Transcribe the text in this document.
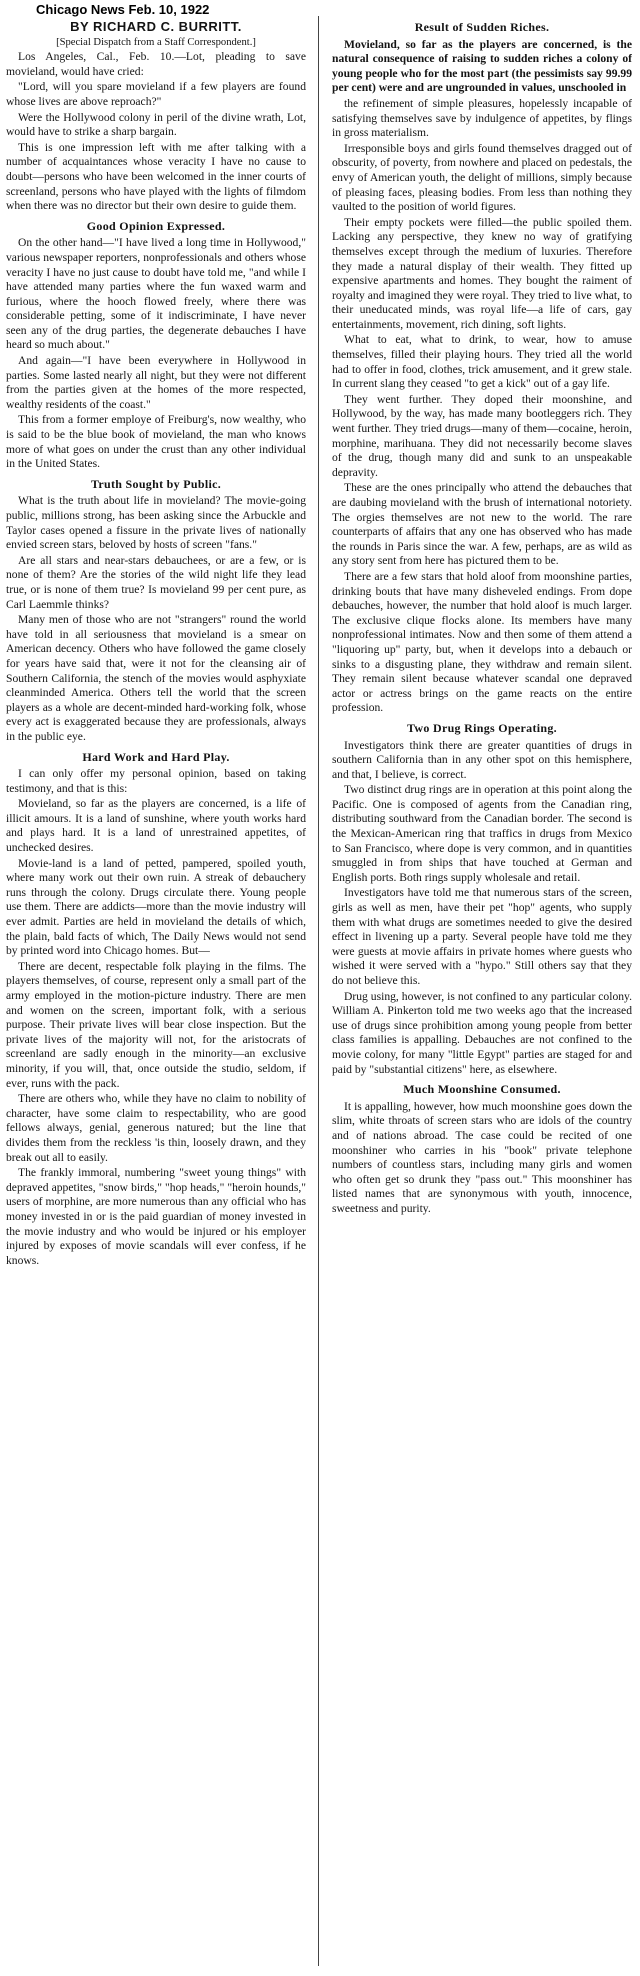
Chicago News Feb. 10, 1922
BY RICHARD C. BURRITT.
[Special Dispatch from a Staff Correspondent.]

Los Angeles, Cal., Feb. 10.—Lot, pleading to save movieland, would have cried:

"Lord, will you spare movieland if a few players are found whose lives are above reproach?"

Were the Hollywood colony in peril of the divine wrath, Lot, would have to strike a sharp bargain.

This is one impression left with me after talking with a number of acquaintances whose veracity I have no cause to doubt—persons who have been welcomed in the inner courts of screenland, persons who have played with the lights of filmdom when there was no director but their own desire to guide them.

Good Opinion Expressed.

On the other hand—"I have lived a long time in Hollywood," various newspaper reporters, nonprofessionals and others whose veracity I have no just cause to doubt have told me, "and while I have attended many parties where the fun waxed warm and furious, where the hooch flowed freely, where there was considerable petting, some of it indiscriminate, I have never seen any of the drug parties, the degenerate debauches I have heard so much about."

And again—"I have been everywhere in Hollywood in parties. Some lasted nearly all night, but they were not different from the parties given at the homes of the more respected, wealthy residents of the coast."

This from a former employe of Freiburg's, now wealthy, who is said to be the blue book of movieland, the man who knows more of what goes on under the crust than any other individual in the United States.

Truth Sought by Public.

What is the truth about life in movieland? The movie-going public, millions strong, has been asking since the Arbuckle and Taylor cases opened a fissure in the private lives of nationally envied screen stars, beloved by hosts of screen "fans."

Are all stars and near-stars debauchees, or are a few, or is none of them? Are the stories of the wild night life they lead true, or is none of them true? Is movieland 99 per cent pure, as Carl Laemmle thinks?

Many men of those who are not "strangers" round the world have told in all seriousness that movieland is a smear on American decency. Others who have followed the game closely for years have said that, were it not for the cleansing air of Southern California, the stench of the movies would asphyxiate cleanminded America. Others tell the world that the screen players as a whole are decent-minded hard-working folk, whose every act is exaggerated because they are professionals, always in the public eye.

Hard Work and Hard Play.

I can only offer my personal opinion, based on taking testimony, and that is this:

Movieland, so far as the players are concerned, is a life of illicit amours. It is a land of sunshine, where youth works hard and plays hard. It is a land of unrestrained appetites, of unchecked desires.

Movie-land is a land of petted, pampered, spoiled youth, where many work out their own ruin. A streak of debauchery runs through the colony. Drugs circulate there. Young people use them. There are addicts—more than the movie industry will ever admit. Parties are held in movieland the details of which, the plain, bald facts of which, The Daily News would not send by printed word into Chicago homes. But—

There are decent, respectable folk playing in the films. The players themselves, of course, represent only a small part of the army employed in the motion-picture industry. There are men and women on the screen, important folk, with a serious purpose. Their private lives will bear close inspection. But the private lives of the majority will not, for the aristocrats of screenland are sadly enough in the minority—an exclusive minority, if you will, that, once outside the studio, seldom, if ever, runs with the pack.

There are others who, while they have no claim to nobility of character, have some claim to respectability, who are good fellows always, genial, generous natured; but the line that divides them from the reckless 'is thin, loosely drawn, and they break out all to easily.

The frankly immoral, numbering "sweet young things" with depraved appetites, "snow birds," "hop heads," "heroin hounds," users of morphine, are more numerous than any official who has money invested in or is the paid guardian of money invested in the movie industry and who would be injured or his employer injured by exposes of movie scandals will ever confess, if he knows.

Result of Sudden Riches.

Movieland, so far as the players are concerned, is the natural consequence of raising to sudden riches a colony of young people who for the most part (the pessimists say 99.99 per cent) were and are ungrounded in values, unschooled in

the refinement of simple pleasures, hopelessly incapable of satisfying themselves save by indulgence of appetites, by flings in gross materialism.

Irresponsible boys and girls found themselves dragged out of obscurity, of poverty, from nowhere and placed on pedestals, the envy of American youth, the delight of millions, simply because of pleasing faces, pleasing bodies. From less than nothing they vaulted to the position of world figures.

Their empty pockets were filled—the public spoiled them. Lacking any perspective, they knew no way of gratifying themselves except through the medium of luxuries. Therefore they made a natural display of their wealth. They fitted up expensive apartments and homes. They bought the raiment of royalty and imagined they were royal. They tried to live what, to their uneducated minds, was royal life—a life of cars, gay entertainments, movement, rich dining, soft lights.

What to eat, what to drink, to wear, how to amuse themselves, filled their playing hours. They tried all the world had to offer in food, clothes, trick amusement, and it grew stale. In current slang they ceased "to get a kick" out of a gay life.

They went further. They doped their moonshine, and Hollywood, by the way, has made many bootleggers rich. They went further. They tried drugs—many of them—cocaine, heroin, morphine, marihuana. They did not necessarily become slaves of the drug, though many did and sunk to an unspeakable depravity.

These are the ones principally who attend the debauches that are daubing movieland with the brush of international notoriety. The orgies themselves are not new to the world. The rare counterparts of affairs that any one has observed who has made the rounds in Paris since the war. A few, perhaps, are as wild as any story sent from here has pictured them to be.

There are a few stars that hold aloof from moonshine parties, drinking bouts that have many disheveled endings. From dope debauches, however, the number that hold aloof is much larger. The exclusive clique flocks alone. Its members have many nonprofessional intimates. Now and then some of them attend a "liquoring up" party, but, when it develops into a debauch or sinks to a disgusting plane, they withdraw and remain silent. They remain silent because whatever scandal one depraved actor or actress brings on the game reacts on the entire profession.

Two Drug Rings Operating.

Investigators think there are greater quantities of drugs in southern California than in any other spot on this hemisphere, and that, I believe, is correct.

Two distinct drug rings are in operation at this point along the Pacific. One is composed of agents from the Canadian ring, distributing southward from the Canadian border. The second is the Mexican-American ring that traffics in drugs from Mexico to San Francisco, where dope is very common, and in quantities smuggled in from ships that have touched at German and English ports. Both rings supply wholesale and retail.

Investigators have told me that numerous stars of the screen, girls as well as men, have their pet "hop" agents, who supply them with what drugs are sometimes needed to give the desired effect in livening up a party. Several people have told me they were guests at movie affairs in private homes where guests who wished it were served with a "hypo." Still others say that they do not believe this.

Drug using, however, is not confined to any particular colony. William A. Pinkerton told me two weeks ago that the increased use of drugs since prohibition among young people from better class families is appalling. Debauches are not confined to the movie colony, for many "little Egypt" parties are staged for and paid by "substantial citizens" here, as elsewhere.

Much Moonshine Consumed.

It is appalling, however, how much moonshine goes down the slim, white throats of screen stars who are idols of the country and of nations abroad. The case could be recited of one moonshiner who carries in his "book" private telephone numbers of countless stars, including many girls and women who often get so drunk they "pass out." This moonshiner has listed names that are synonymous with youth, innocence, sweetness and purity.
